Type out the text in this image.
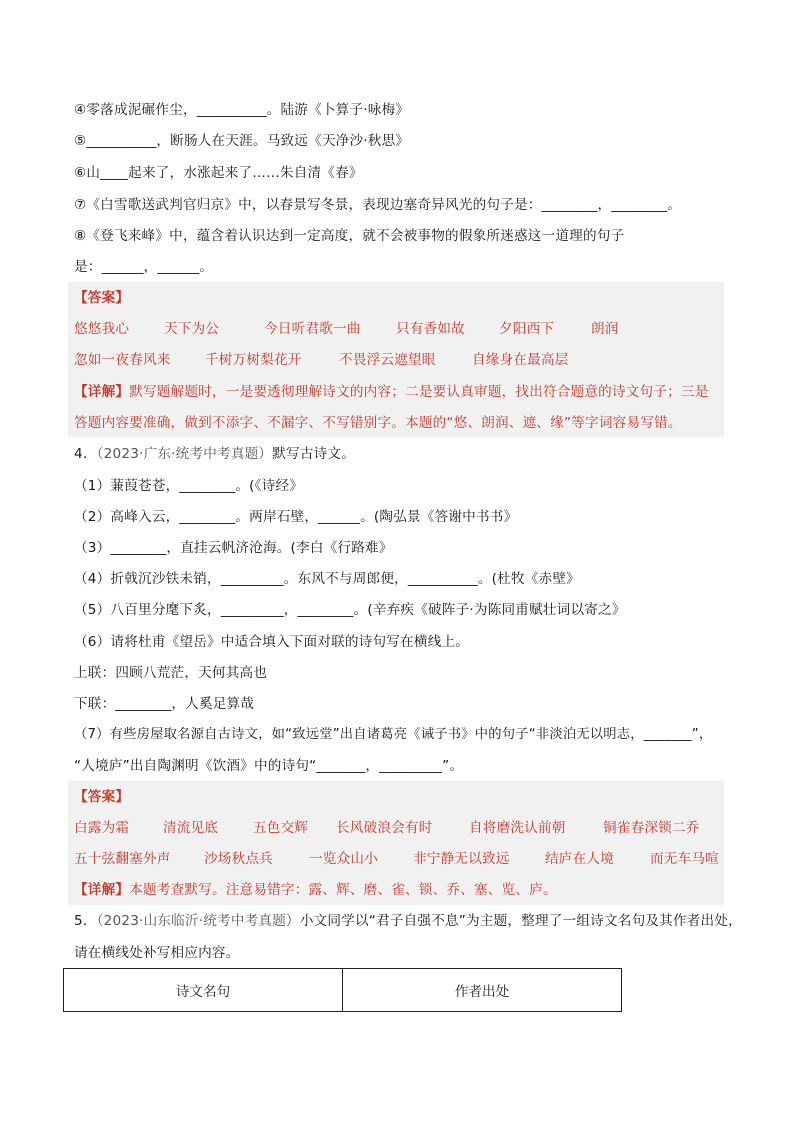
④零落成泥碾作尘，__________。陆游《卜算子·咏梅》
⑤__________，断肠人在天涯。马致远《天净沙·秋思》
⑥山____起来了，水涨起来了……朱自清《春》
⑦《白雪歌送武判官归京》中，以春景写冬景，表现边塞奇异风光的句子是：________，________。
⑧《登飞来峰》中，蕴含着认识达到一定高度，就不会被事物的假象所迷惑这一道理的句子
是：______，______。
【答案】
悠悠我心	天下为公	今日听君歌一曲	只有香如故	夕阳西下	朗润
忽如一夜春风来	千树万树梨花开	不畏浮云遮望眼	自缘身在最高层
【详解】默写题解题时，一是要透彻理解诗文的内容；二是要认真审题，找出符合题意的诗文句子；三是
答题内容要准确，做到不添字、不漏字、不写错别字。本题的“悠、朗润、遮、缘”等字词容易写错。
4．（2023·广东·统考中考真题）默写古诗文。
（1）蒹葭苍苍，________。(《诗经》
（2）高峰入云，________。两岸石壁，______。(陶弘景《答谢中书书》
（3）________，直挂云帆济沧海。(李白《行路难》
（4）折戟沉沙铁未销，_________。东风不与周郎便，__________。(杜牧《赤壁》
（5）八百里分麾下炙，_________，________。(辛弃疾《破阵子·为陈同甫赋壮词以寄之》
（6）请将杜甫《望岳》中适合填入下面对联的诗句写在横线上。
上联：四顾八荒茫，天何其高也
下联：________，人奚足算哉
（7）有些房屋取名源自古诗文，如“致远堂”出自诸葛亮《诫子书》中的句子“非淡泊无以明志，_______”，
“人境庐”出自陶渊明《饮酒》中的诗句“_______，_________”。
【答案】
白露为霜 清流见底	五色交辉 长风破浪会有时	自将磨洗认前朝	铜雀春深锁二乔
五十弦翻塞外声 沙场秋点兵	一览众山小	非宁静无以致远	结庐在人境	而无车马喧
【详解】本题考查默写。注意易错字：露、辉、磨、雀、锁、乔、塞、览、庐。
5．（2023·山东临沂·统考中考真题）小文同学以“君子自强不息”为主题，整理了一组诗文名句及其作者出处，
请在横线处补写相应内容。
诗文名句	作者出处
